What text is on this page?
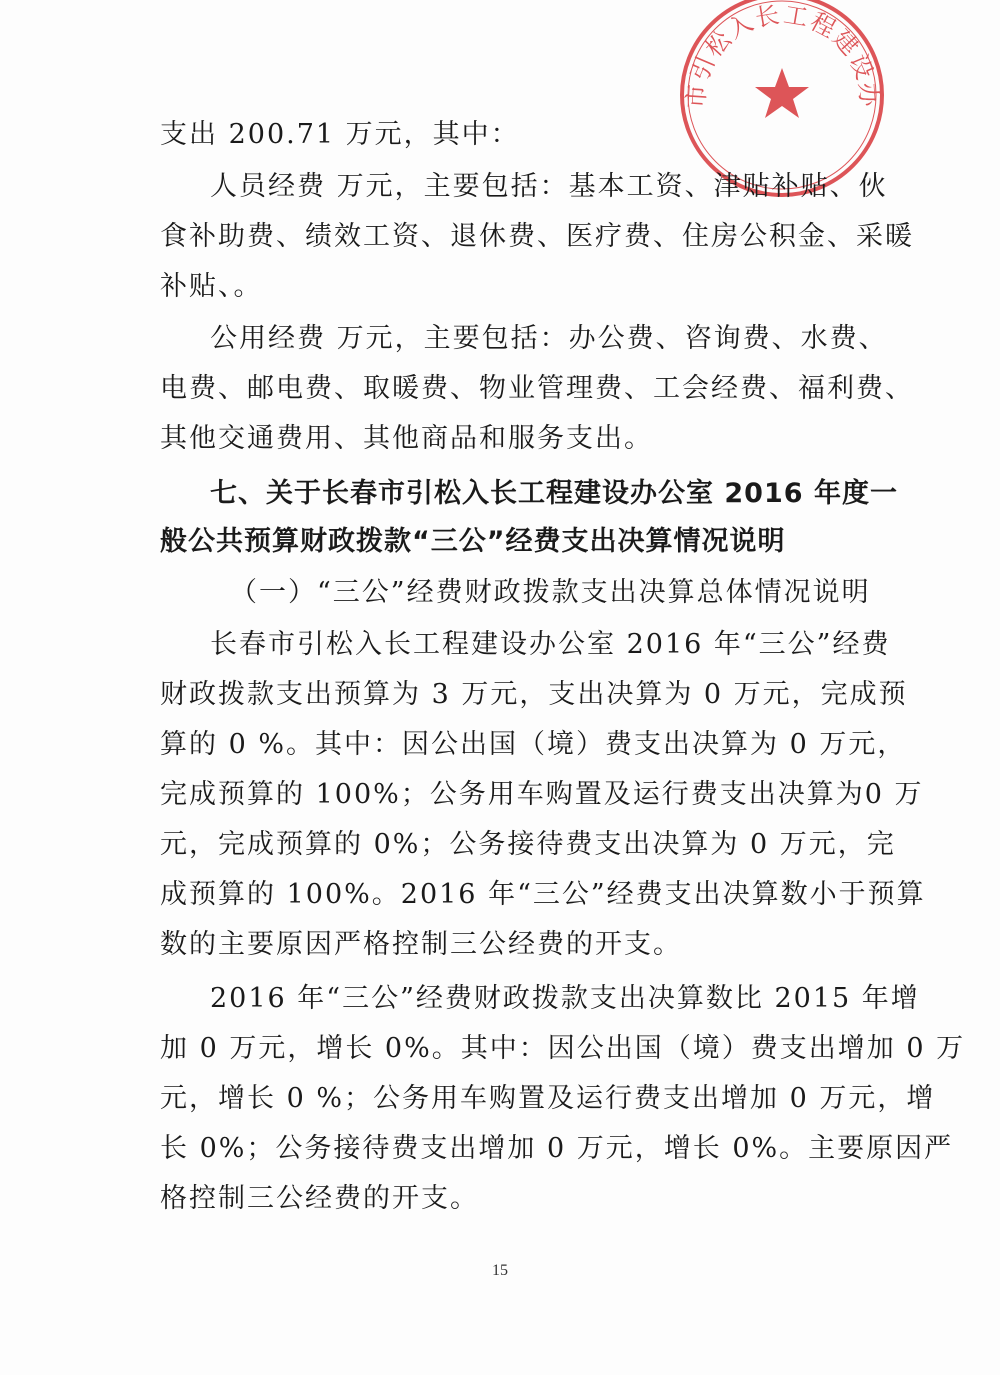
市引松入长工程建设办
支出 200.71 万元，其中：
人员经费 万元，主要包括：基本工资、津贴补贴、伙
食补助费、绩效工资、退休费、医疗费、住房公积金、采暖
补贴、。
公用经费 万元，主要包括：办公费、咨询费、水费、
电费、邮电费、取暖费、物业管理费、工会经费、福利费、
其他交通费用、其他商品和服务支出。
七、关于长春市引松入长工程建设办公室 2016 年度一
般公共预算财政拨款“三公”经费支出决算情况说明
（一）“三公”经费财政拨款支出决算总体情况说明
长春市引松入长工程建设办公室 2016 年“三公”经费
财政拨款支出预算为 3 万元，支出决算为 0 万元，完成预
算的 0 %。其中：因公出国（境）费支出决算为 0 万元，
完成预算的 100%；公务用车购置及运行费支出决算为0 万
元，完成预算的 0%；公务接待费支出决算为 0 万元，完
成预算的 100%。2016 年“三公”经费支出决算数小于预算
数的主要原因严格控制三公经费的开支。
2016 年“三公”经费财政拨款支出决算数比 2015 年增
加 0 万元，增长 0%。其中：因公出国（境）费支出增加 0 万
元，增长 0 %；公务用车购置及运行费支出增加 0 万元，增
长 0%；公务接待费支出增加 0 万元，增长 0%。主要原因严
格控制三公经费的开支。
15
